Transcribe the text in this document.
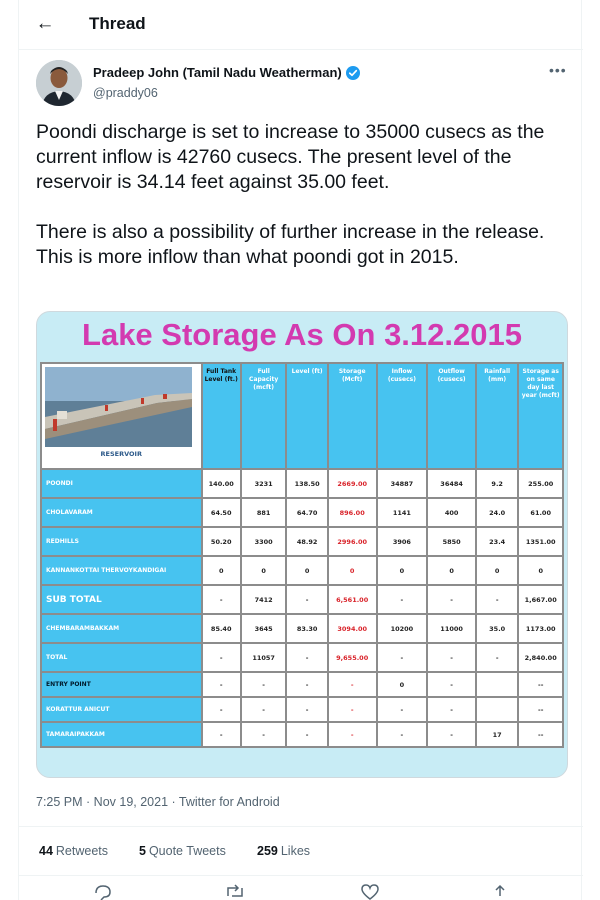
← Thread
Pradeep John (Tamil Nadu Weatherman)
@praddy06
•••

Poondi discharge is set to increase to 35000 cusecs as the current inflow is 42760 cusecs. The present level of the reservoir is 34.14 feet against 35.00 feet.

There is also a possibility of further increase in the release. This is more inflow than what poondi got in 2015.

Lake Storage As On 3.12.2015
RESERVOIR	Full Tank Level (ft.)	Full Capacity (mcft)	Level (ft)	Storage (Mcft)	Inflow (cusecs)	Outflow (cusecs)	Rainfall (mm)	Storage as on same day last year (mcft)
POONDI	140.00	3231	138.50	2669.00	34887	36484	9.2	255.00
CHOLAVARAM	64.50	881	64.70	896.00	1141	400	24.0	61.00
REDHILLS	50.20	3300	48.92	2996.00	3906	5850	23.4	1351.00
KANNANKOTTAI THERVOYKANDIGAI	0	0	0	0	0	0	0	0
SUB TOTAL	-	7412	-	6,561.00	-	-	-	1,667.00
CHEMBARAMBAKKAM	85.40	3645	83.30	3094.00	10200	11000	35.0	1173.00
TOTAL	-	11057	-	9,655.00	-	-	-	2,840.00
ENTRY POINT	-	-	-	-	0	-		--
KORATTUR ANICUT	-	-	-	-	-	-		--
TAMARAIPAKKAM	-	-	-	-	-	-	17	--
7:25 PM · Nov 19, 2021 · Twitter for Android
44 Retweets 5 Quote Tweets 259 Likes
